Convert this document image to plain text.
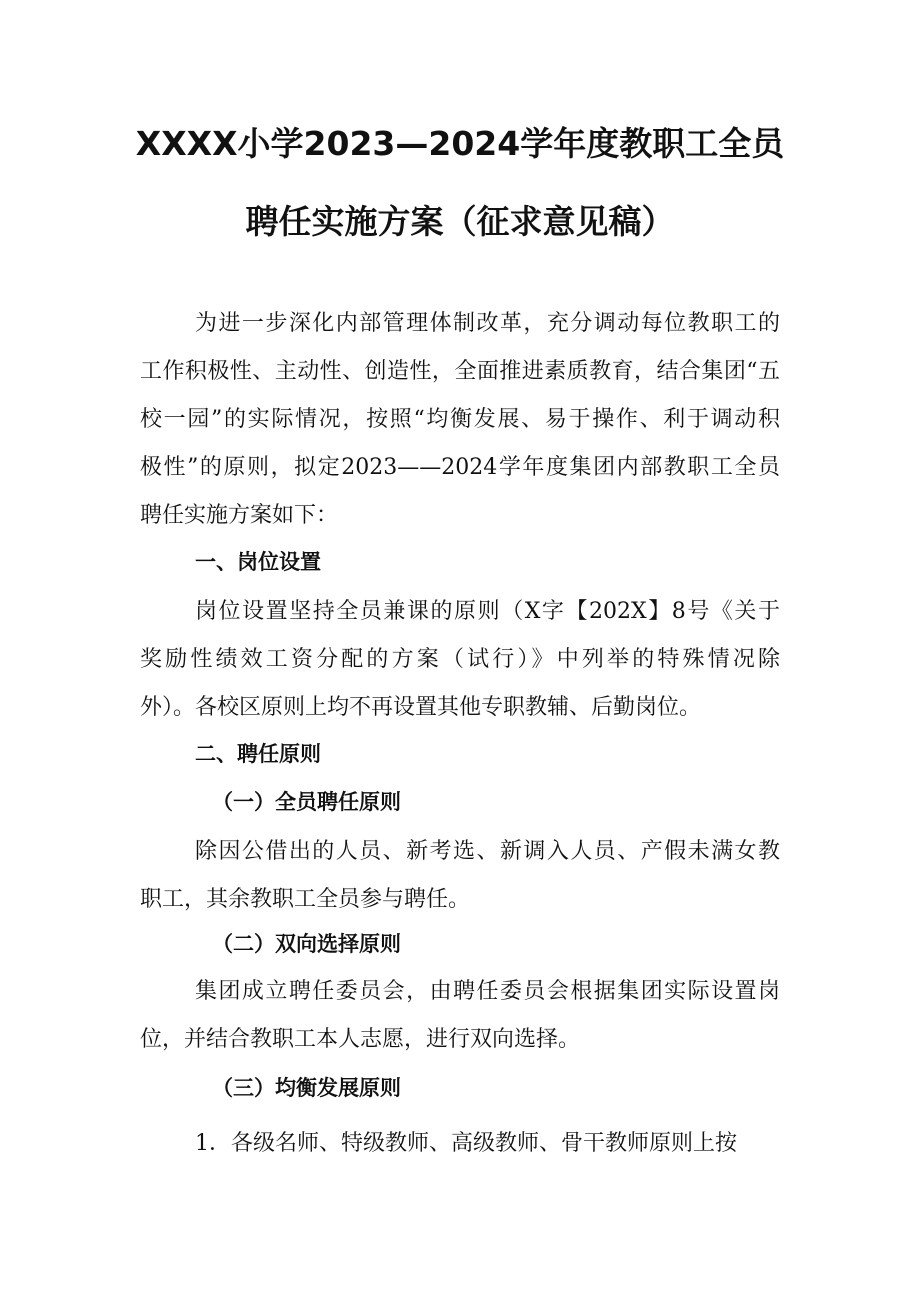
XXXX小学2023—2024学年度教职工全员
聘任实施方案（征求意见稿）
为进一步深化内部管理体制改革，充分调动每位教职工的
工作积极性、主动性、创造性，全面推进素质教育，结合集团“五
校一园”的实际情况，按照“均衡发展、易于操作、利于调动积
极性”的原则，拟定2023——2024学年度集团内部教职工全员
聘任实施方案如下：
一、岗位设置
岗位设置坚持全员兼课的原则（X字【202X】8号《关于
奖励性绩效工资分配的方案（试行）》中列举的特殊情况除
外）。各校区原则上均不再设置其他专职教辅、后勤岗位。
二、聘任原则
（一）全员聘任原则
除因公借出的人员、新考选、新调入人员、产假未满女教
职工，其余教职工全员参与聘任。
（二）双向选择原则
集团成立聘任委员会，由聘任委员会根据集团实际设置岗
位，并结合教职工本人志愿，进行双向选择。
（三）均衡发展原则
1．各级名师、特级教师、高级教师、骨干教师原则上按
